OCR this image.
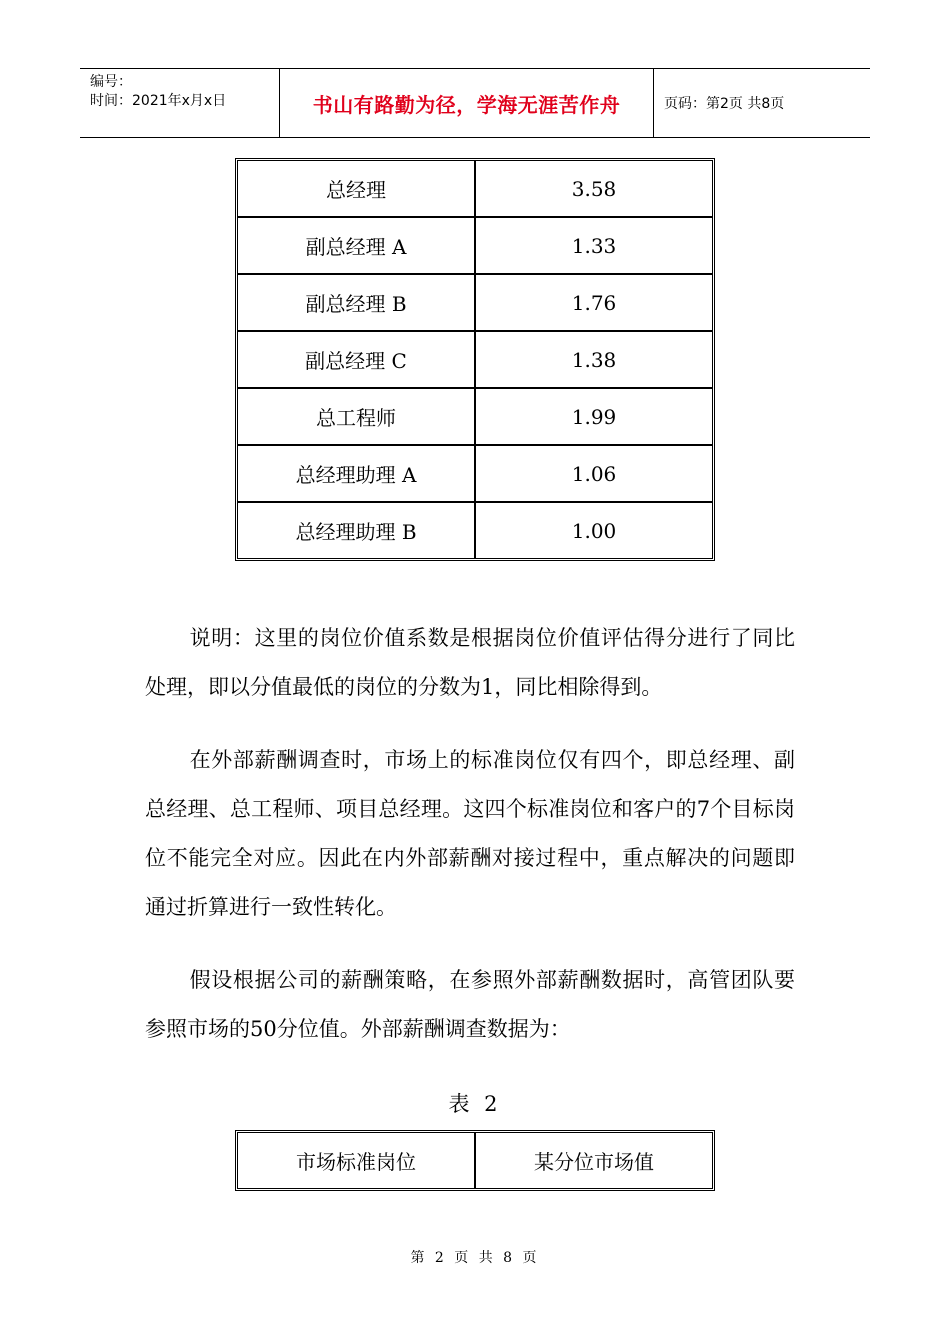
编号：
时间：2021年x月x日	书山有路勤为径，学海无涯苦作舟	页码：第2页 共8页
总经理	3.58
副总经理 A	1.33
副总经理 B	1.76
副总经理 C	1.38
总工程师	1.99
总经理助理 A	1.06
总经理助理 B	1.00
说明：这里的岗位价值系数是根据岗位价值评估得分进行了同比处理，即以分值最低的岗位的分数为1，同比相除得到。
在外部薪酬调查时，市场上的标准岗位仅有四个，即总经理、副总经理、总工程师、项目总经理。这四个标准岗位和客户的7个目标岗位不能完全对应。因此在内外部薪酬对接过程中，重点解决的问题即通过折算进行一致性转化。
假设根据公司的薪酬策略，在参照外部薪酬数据时，高管团队要参照市场的50分位值。外部薪酬调查数据为：
表 2
市场标准岗位	某分位市场值
第 2 页 共 8 页
